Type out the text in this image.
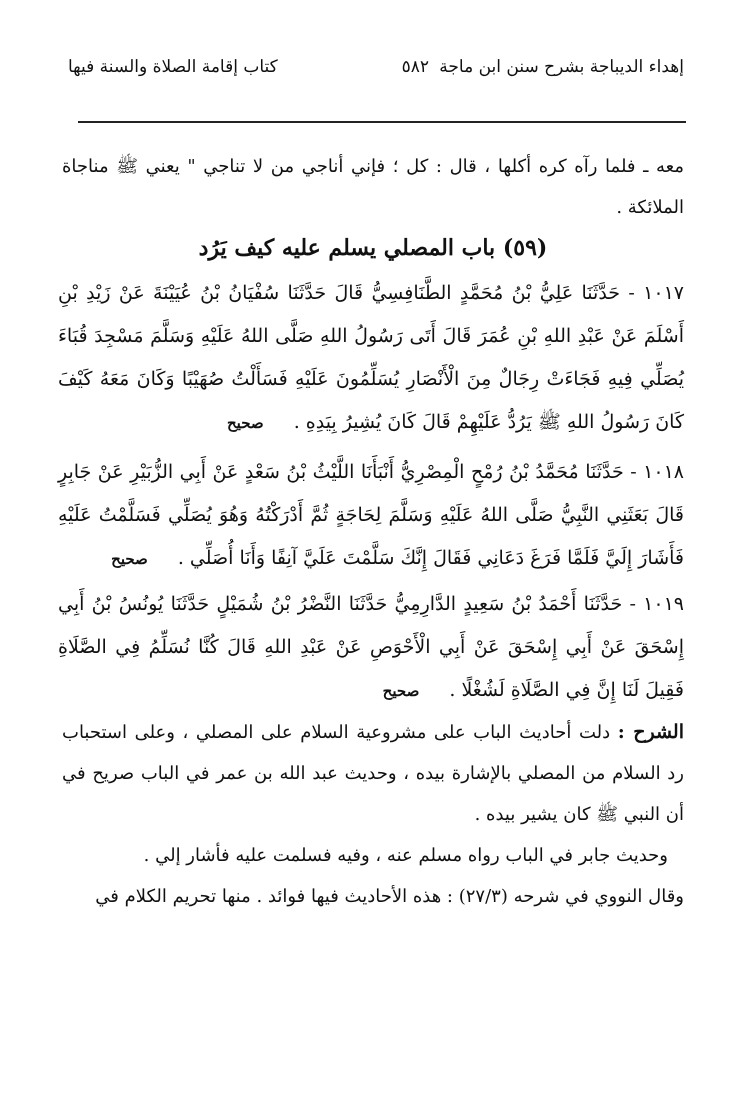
إهداء الديباجة بشرح سنن ابن ماجة
٥٨٢
كتاب إقامة الصلاة والسنة فيها
معه ـ فلما رآه كره أكلها ، قال : كل ؛ فإني أناجي من لا تناجي " يعني ﷺ مناجاة الملائكة .
(٥٩) باب المصلي يسلم عليه كيف يَرُد
١٠١٧ - حَدَّثَنَا عَلِيُّ بْنُ مُحَمَّدٍ الطَّنَافِسِيُّ قَالَ حَدَّثَنَا سُفْيَانُ بْنُ عُيَيْنَةَ عَنْ زَيْدِ بْنِ أَسْلَمَ عَنْ عَبْدِ اللهِ بْنِ عُمَرَ قَالَ أَتَى رَسُولُ اللهِ صَلَّى اللهُ عَلَيْهِ وَسَلَّمَ مَسْجِدَ قُبَاءَ يُصَلِّي فِيهِ فَجَاءَتْ رِجَالٌ مِنَ الْأَنْصَارِ يُسَلِّمُونَ عَلَيْهِ فَسَأَلْتُ صُهَيْبًا وَكَانَ مَعَهُ كَيْفَ كَانَ رَسُولُ اللهِ ﷺ يَرُدُّ عَلَيْهِمْ قَالَ كَانَ يُشِيرُ بِيَدِهِ . صحيح
١٠١٨ - حَدَّثَنَا مُحَمَّدُ بْنُ رُمْحٍ الْمِصْرِيُّ أَنْبَأَنَا اللَّيْثُ بْنُ سَعْدٍ عَنْ أَبِي الزُّبَيْرِ عَنْ جَابِرٍ قَالَ بَعَثَنِي النَّبِيُّ صَلَّى اللهُ عَلَيْهِ وَسَلَّمَ لِحَاجَةٍ ثُمَّ أَدْرَكْتُهُ وَهُوَ يُصَلِّي فَسَلَّمْتُ عَلَيْهِ فَأَشَارَ إِلَيَّ فَلَمَّا فَرَغَ دَعَانِي فَقَالَ إِنَّكَ سَلَّمْتَ عَلَيَّ آنِفًا وَأَنَا أُصَلِّي . صحيح
١٠١٩ - حَدَّثَنَا أَحْمَدُ بْنُ سَعِيدٍ الدَّارِمِيُّ حَدَّثَنَا النَّضْرُ بْنُ شُمَيْلٍ حَدَّثَنَا يُونُسُ بْنُ أَبِي إِسْحَقَ عَنْ أَبِي إِسْحَقَ عَنْ أَبِي الْأَحْوَصِ عَنْ عَبْدِ اللهِ قَالَ كُنَّا نُسَلِّمُ فِي الصَّلَاةِ فَقِيلَ لَنَا إِنَّ فِي الصَّلَاةِ لَشُغْلًا . صحيح

الشرح : دلت أحاديث الباب على مشروعية السلام على المصلي ، وعلى استحباب رد السلام من المصلي بالإشارة بيده ، وحديث عبد الله بن عمر في الباب صريح في أن النبي ﷺ كان يشير بيده .

وحديث جابر في الباب رواه مسلم عنه ، وفيه فسلمت عليه فأشار إلي .

وقال النووي في شرحه (٢٧/٣) : هذه الأحاديث فيها فوائد . منها تحريم الكلام في
